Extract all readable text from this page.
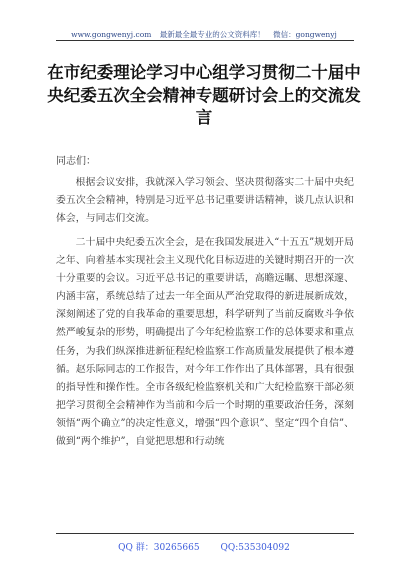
www.gongwenyj.com 最新最全最专业的公文资料库！ 微信：gongwenyj
在市纪委理论学习中心组学习贯彻二十届中央纪委五次全会精神专题研讨会上的交流发言
同志们：

根据会议安排，我就深入学习领会、坚决贯彻落实二十届中央纪委五次全会精神，特别是习近平总书记重要讲话精神，谈几点认识和体会，与同志们交流。

二十届中央纪委五次全会，是在我国发展进入“十五五”规划开局之年、向着基本实现社会主义现代化目标迈进的关键时期召开的一次十分重要的会议。习近平总书记的重要讲话，高瞻远瞩、思想深邃、内涵丰富，系统总结了过去一年全面从严治党取得的新进展新成效，深刻阐述了党的自我革命的重要思想，科学研判了当前反腐败斗争依然严峻复杂的形势，明确提出了今年纪检监察工作的总体要求和重点任务，为我们纵深推进新征程纪检监察工作高质量发展提供了根本遵循。赵乐际同志的工作报告，对今年工作作出了具体部署，具有很强的指导性和操作性。全市各级纪检监察机关和广大纪检监察干部必须把学习贯彻全会精神作为当前和今后一个时期的重要政治任务，深刻领悟“两个确立”的决定性意义，增强“四个意识”、坚定“四个自信”、做到“两个维护”，自觉把思想和行动统

QQ 群：30265665 QQ:535304092
